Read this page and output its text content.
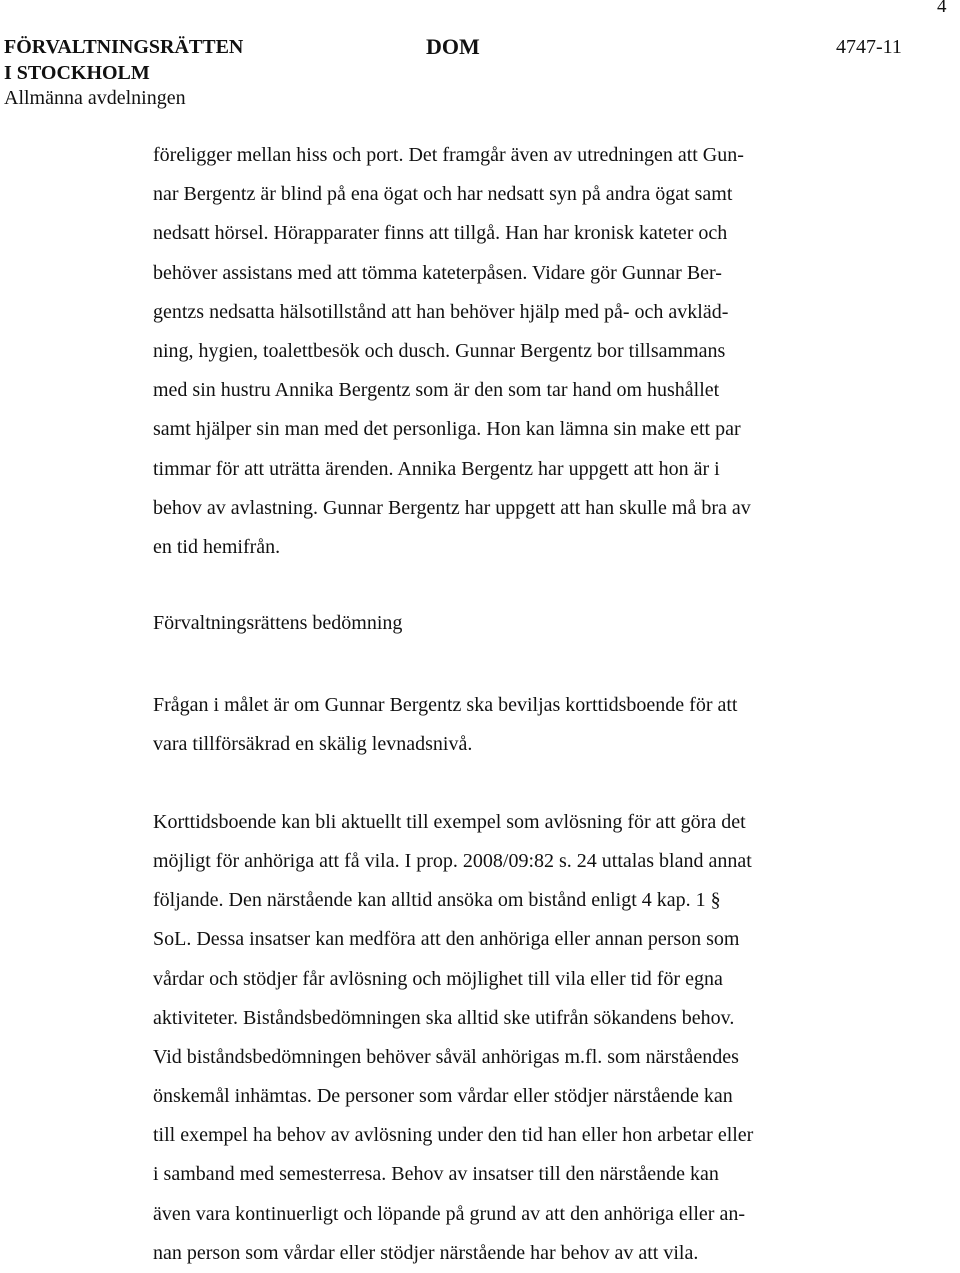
4
FÖRVALTNINGSRÄTTEN
I STOCKHOLM
Allmänna avdelningen
DOM	4747-11
föreligger mellan hiss och port. Det framgår även av utredningen att Gun-
nar Bergentz är blind på ena ögat och har nedsatt syn på andra ögat samt
nedsatt hörsel. Hörapparater finns att tillgå. Han har kronisk kateter och
behöver assistans med att tömma kateterpåsen. Vidare gör Gunnar Ber-
gentzs nedsatta hälsotillstånd att han behöver hjälp med på- och avkläd-
ning, hygien, toalettbesök och dusch. Gunnar Bergentz bor tillsammans
med sin hustru Annika Bergentz som är den som tar hand om hushållet
samt hjälper sin man med det personliga. Hon kan lämna sin make ett par
timmar för att uträtta ärenden. Annika Bergentz har uppgett att hon är i
behov av avlastning. Gunnar Bergentz har uppgett att han skulle må bra av
en tid hemifrån.
Förvaltningsrättens bedömning
Frågan i målet är om Gunnar Bergentz ska beviljas korttidsboende för att
vara tillförsäkrad en skälig levnadsnivå.
Korttidsboende kan bli aktuellt till exempel som avlösning för att göra det
möjligt för anhöriga att få vila. I prop. 2008/09:82 s. 24 uttalas bland annat
följande. Den närstående kan alltid ansöka om bistånd enligt 4 kap. 1 §
SoL. Dessa insatser kan medföra att den anhöriga eller annan person som
vårdar och stödjer får avlösning och möjlighet till vila eller tid för egna
aktiviteter. Biståndsbedömningen ska alltid ske utifrån sökandens behov.
Vid biståndsbedömningen behöver såväl anhörigas m.fl. som närståendes
önskemål inhämtas. De personer som vårdar eller stödjer närstående kan
till exempel ha behov av avlösning under den tid han eller hon arbetar eller
i samband med semesterresa. Behov av insatser till den närstående kan
även vara kontinuerligt och löpande på grund av att den anhöriga eller an-
nan person som vårdar eller stödjer närstående har behov av att vila.
